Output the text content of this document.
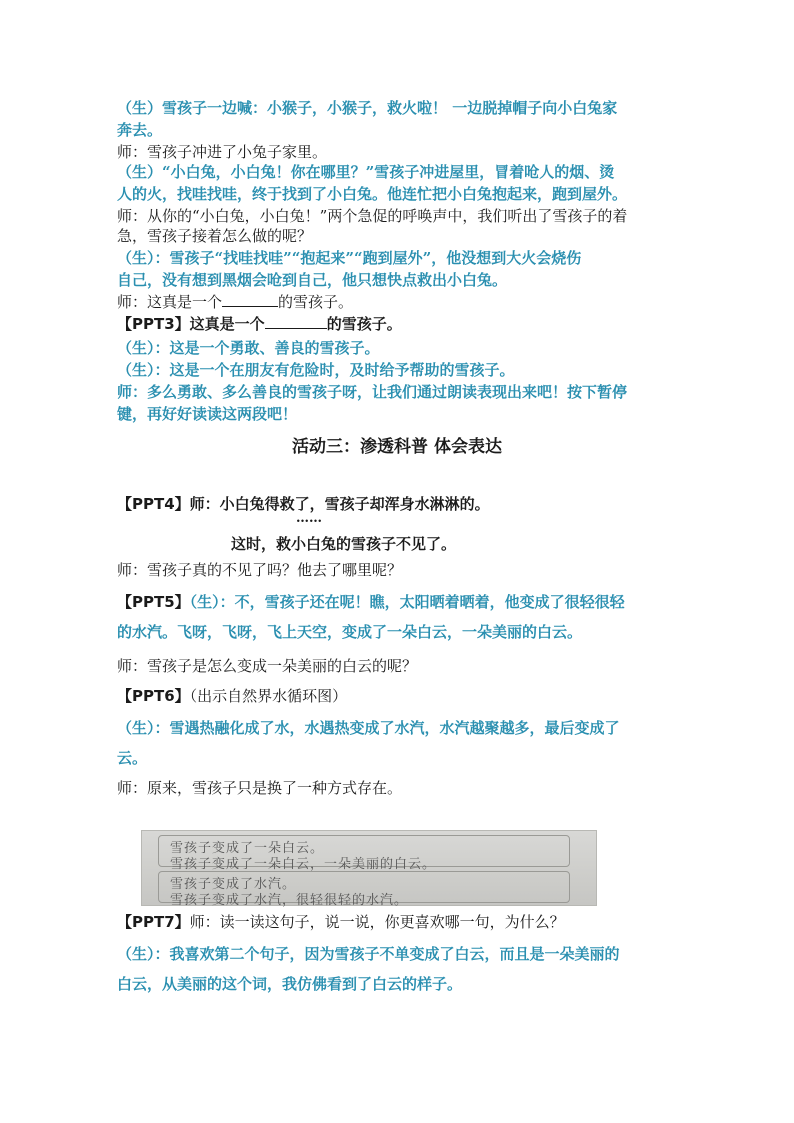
（生）雪孩子一边喊：小猴子，小猴子，救火啦！ 一边脱掉帽子向小白兔家
奔去。
师：雪孩子冲进了小兔子家里。
（生）“小白兔，小白兔！你在哪里？”雪孩子冲进屋里，冒着呛人的烟、烫
人的火，找哇找哇，终于找到了小白兔。他连忙把小白兔抱起来，跑到屋外。
师：从你的“小白兔，小白兔！”两个急促的呼唤声中，我们听出了雪孩子的着
急，雪孩子接着怎么做的呢？
（生）：雪孩子“找哇找哇”“抱起来”“跑到屋外”，他没想到大火会烧伤
自己，没有想到黑烟会呛到自己，他只想快点救出小白兔。
师：这真是一个	的雪孩子。
【PPT3】这真是一个	的雪孩子。
（生）：这是一个勇敢、善良的雪孩子。
（生）：这是一个在朋友有危险时，及时给予帮助的雪孩子。
师：多么勇敢、多么善良的雪孩子呀，让我们通过朗读表现出来吧！按下暂停
键，再好好读读这两段吧！
活动三：渗透科普 体会表达
【PPT4】师：小白兔得救了，雪孩子却浑身水淋淋的。
……
这时，救小白兔的雪孩子不见了。
师：雪孩子真的不见了吗？他去了哪里呢？
【PPT5】（生）：不，雪孩子还在呢！瞧，太阳晒着晒着，他变成了很轻很轻
的水汽。飞呀，飞呀，飞上天空，变成了一朵白云，一朵美丽的白云。
师：雪孩子是怎么变成一朵美丽的白云的呢？
【PPT6】（出示自然界水循环图）
（生）：雪遇热融化成了水，水遇热变成了水汽，水汽越聚越多，最后变成了
云。
师：原来，雪孩子只是换了一种方式存在。
雪孩子变成了一朵白云。
雪孩子变成了一朵白云，一朵美丽的白云。
雪孩子变成了水汽。
雪孩子变成了水汽，很轻很轻的水汽。
【PPT7】师：读一读这句子，说一说，你更喜欢哪一句，为什么？
（生）：我喜欢第二个句子，因为雪孩子不单变成了白云，而且是一朵美丽的
白云，从美丽的这个词，我仿佛看到了白云的样子。
